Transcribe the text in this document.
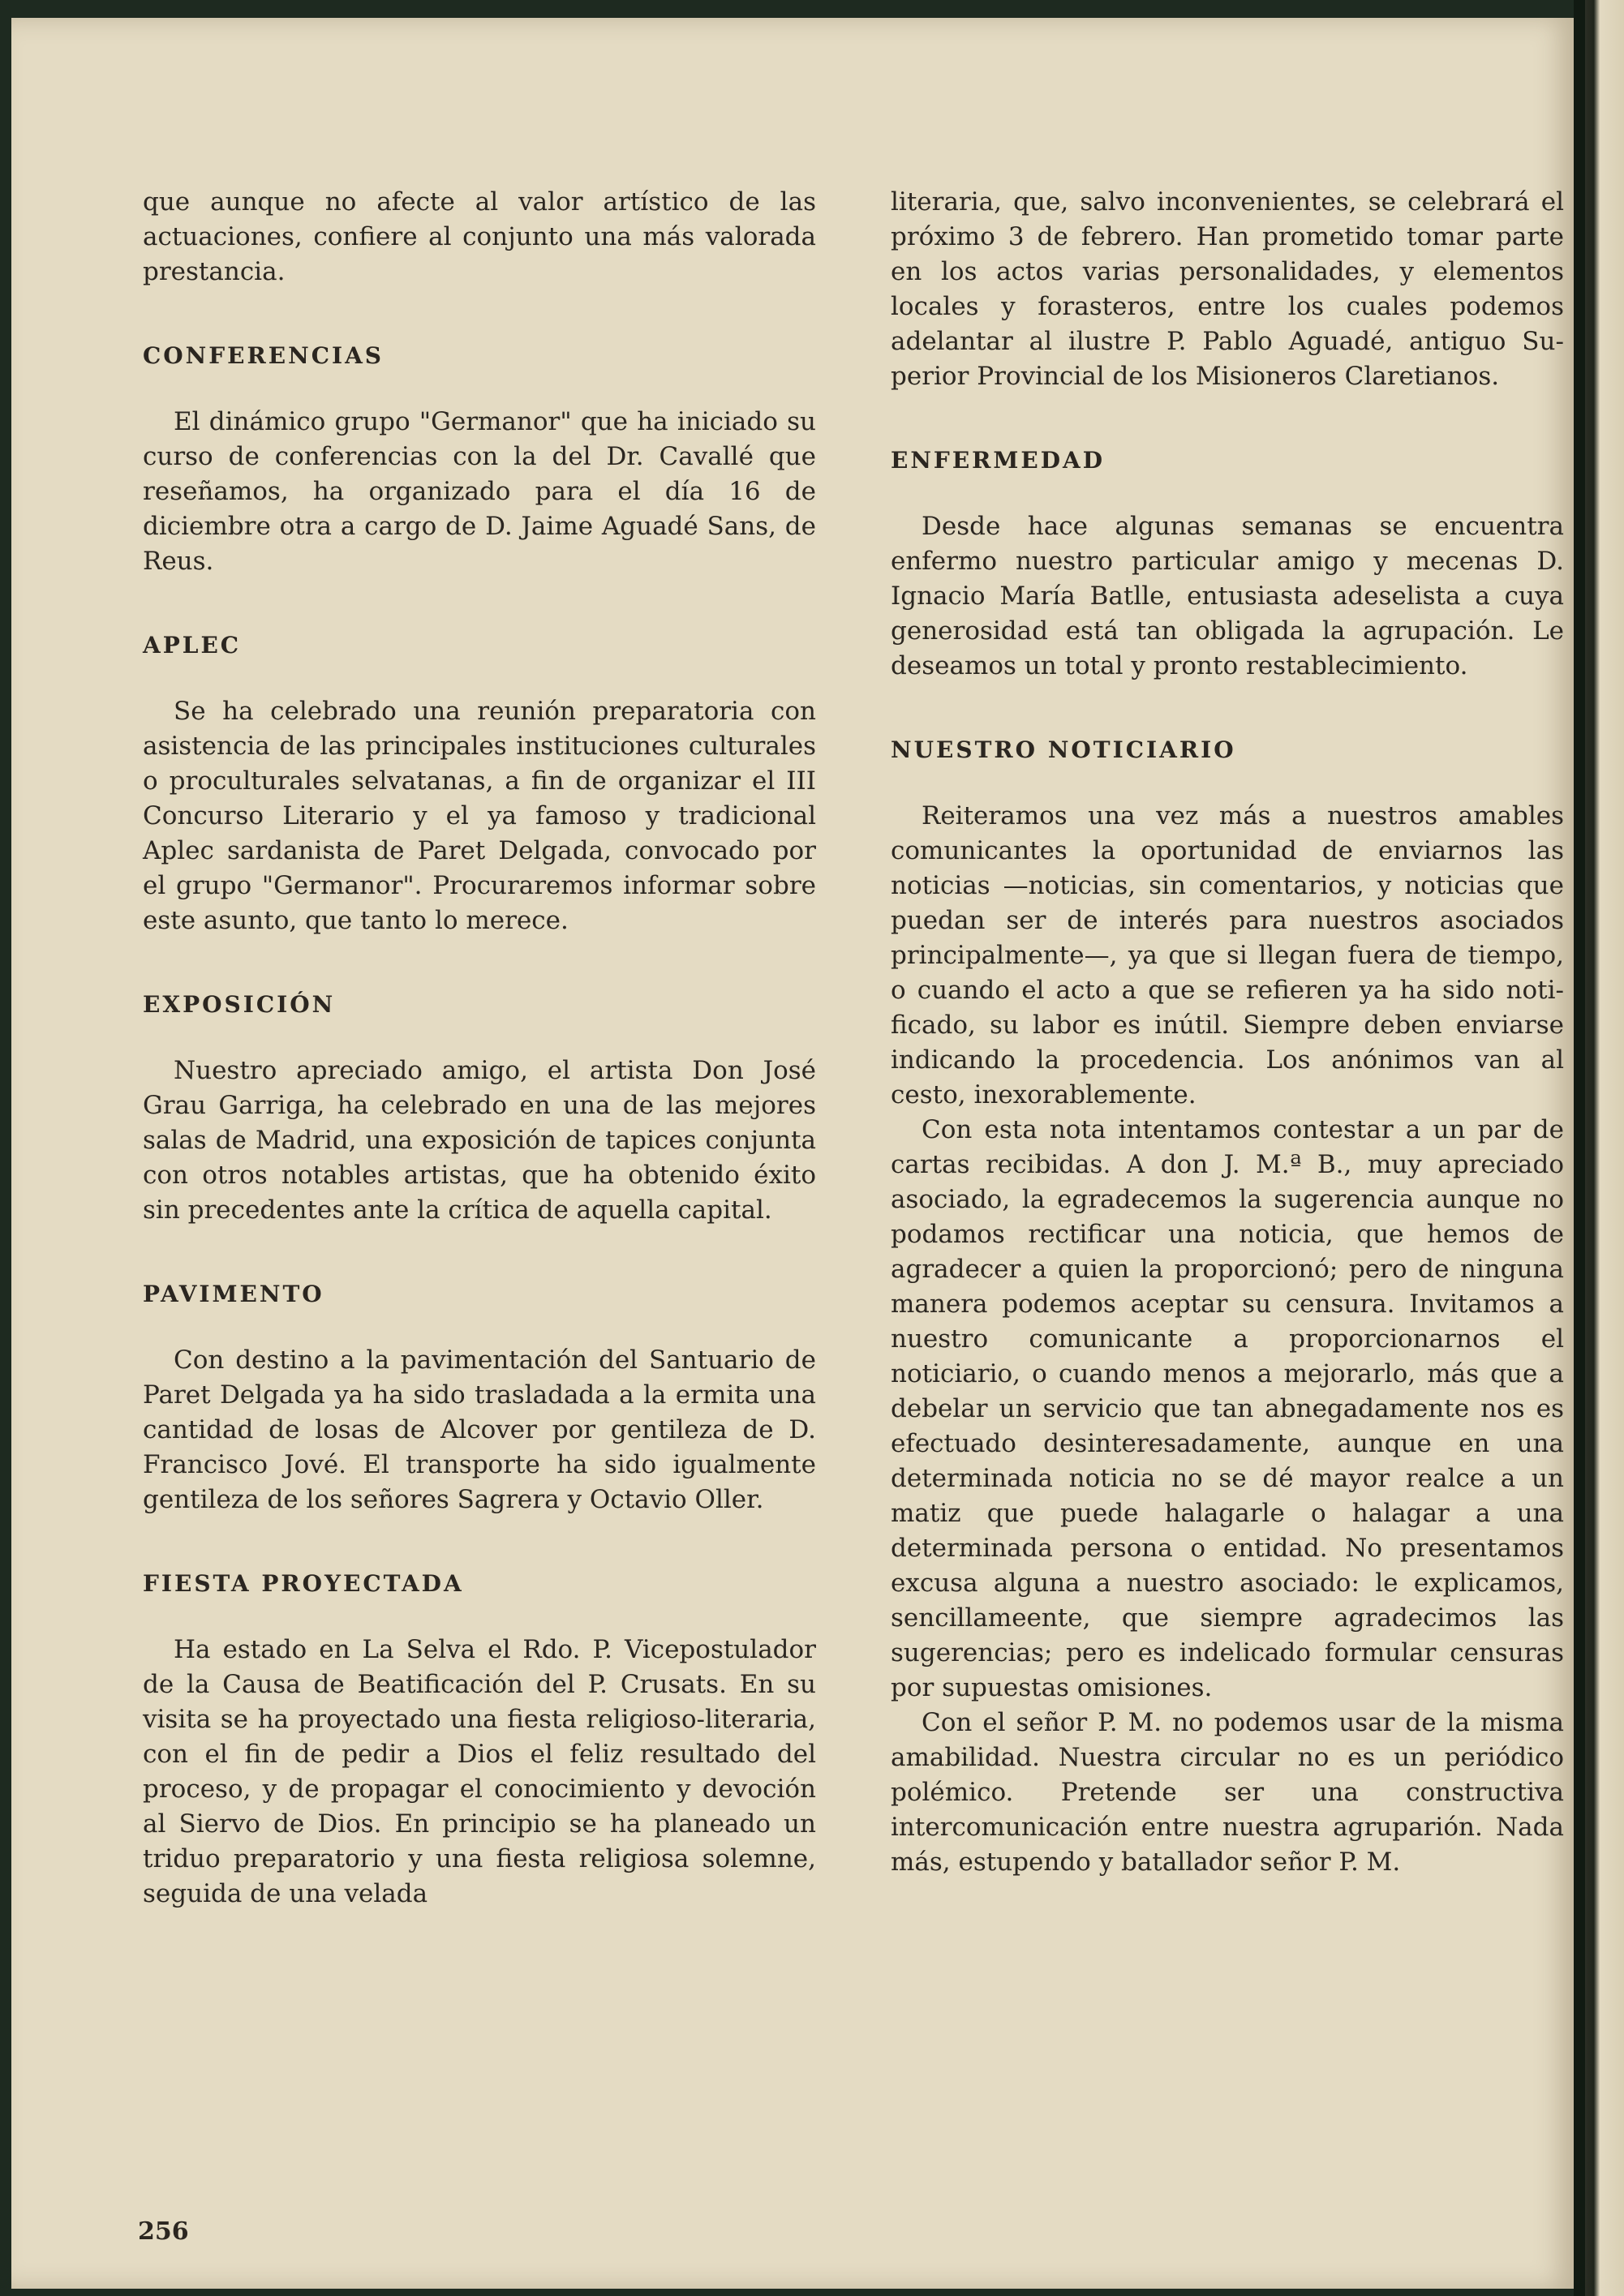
que aunque no afecte al valor artístico de las actuaciones, confiere al conjunto una más valorada prestancia.

CONFERENCIAS

El dinámico grupo "Germanor" que ha iniciado su curso de conferencias con la del Dr. Cavallé que reseñamos, ha organizado para el día 16 de diciembre otra a cargo de D. Jaime Aguadé Sans, de Reus.

APLEC

Se ha celebrado una reunión preparatoria con asistencia de las principales instituciones culturales o proculturales selvatanas, a fin de organizar el III Concurso Literario y el ya famoso y tradicional Aplec sardanista de Paret Delgada, convocado por el grupo "Germanor". Procuraremos informar sobre este asunto, que tanto lo merece.

EXPOSICIÓN

Nuestro apreciado amigo, el artista Don José Grau Garriga, ha celebrado en una de las mejores salas de Madrid, una exposición de tapices conjunta con otros notables artistas, que ha obtenido éxito sin precedentes ante la crítica de aquella capital.

PAVIMENTO

Con destino a la pavimentación del Santuario de Paret Delgada ya ha sido trasladada a la ermita una cantidad de losas de Alcover por gentileza de D. Francisco Jové. El transporte ha sido igualmente gentileza de los señores Sagrera y Octavio Oller.

FIESTA PROYECTADA

Ha estado en La Selva el Rdo. P. Vicepostulador de la Causa de Beatificación del P. Crusats. En su visita se ha proyectado una fiesta religioso-literaria, con el fin de pedir a Dios el feliz resultado del proceso, y de propagar el conocimiento y devoción al Siervo de Dios. En principio se ha planeado un triduo preparatorio y una fiesta religiosa solemne, seguida de una velada

literaria, que, salvo inconvenientes, se celebrará el próximo 3 de febrero. Han prometido tomar parte en los actos varias personalidades, y elementos locales y forasteros, entre los cuales podemos adelantar al ilustre P. Pablo Aguadé, antiguo Superior Provincial de los Misioneros Claretianos.

ENFERMEDAD

Desde hace algunas semanas se encuentra enfermo nuestro particular amigo y mecenas D. Ignacio María Batlle, entusiasta adeselista a cuya generosidad está tan obligada la agrupación. Le deseamos un total y pronto restablecimiento.

NUESTRO NOTICIARIO

Reiteramos una vez más a nuestros amables comunicantes la oportunidad de enviarnos las noticias —noticias, sin comentarios, y noticias que puedan ser de interés para nuestros asociados principalmente—, ya que si llegan fuera de tiempo, o cuando el acto a que se refieren ya ha sido notificado, su labor es inútil. Siempre deben enviarse indicando la procedencia. Los anónimos van al cesto, inexorablemente.

Con esta nota intentamos contestar a un par de cartas recibidas. A don J. M.ª B., muy apreciado asociado, la egradecemos la sugerencia aunque no podamos rectificar una noticia, que hemos de agradecer a quien la proporcionó; pero de ninguna manera podemos aceptar su censura. Invitamos a nuestro comunicante a proporcionarnos el noticiario, o cuando menos a mejorarlo, más que a debelar un servicio que tan abnegadamente nos es efectuado desinteresadamente, aunque en una determinada noticia no se dé mayor realce a un matiz que puede halagarle o halagar a una determinada persona o entidad. No presentamos excusa alguna a nuestro asociado: le explicamos, sencillameente, que siempre agradecimos las sugerencias; pero es indelicado formular censuras por supuestas omisiones.

Con el señor P. M. no podemos usar de la misma amabilidad. Nuestra circular no es un periódico polémico. Pretende ser una constructiva intercomunicación entre nuestra agruparión. Nada más, estupendo y batallador señor P. M.

256
